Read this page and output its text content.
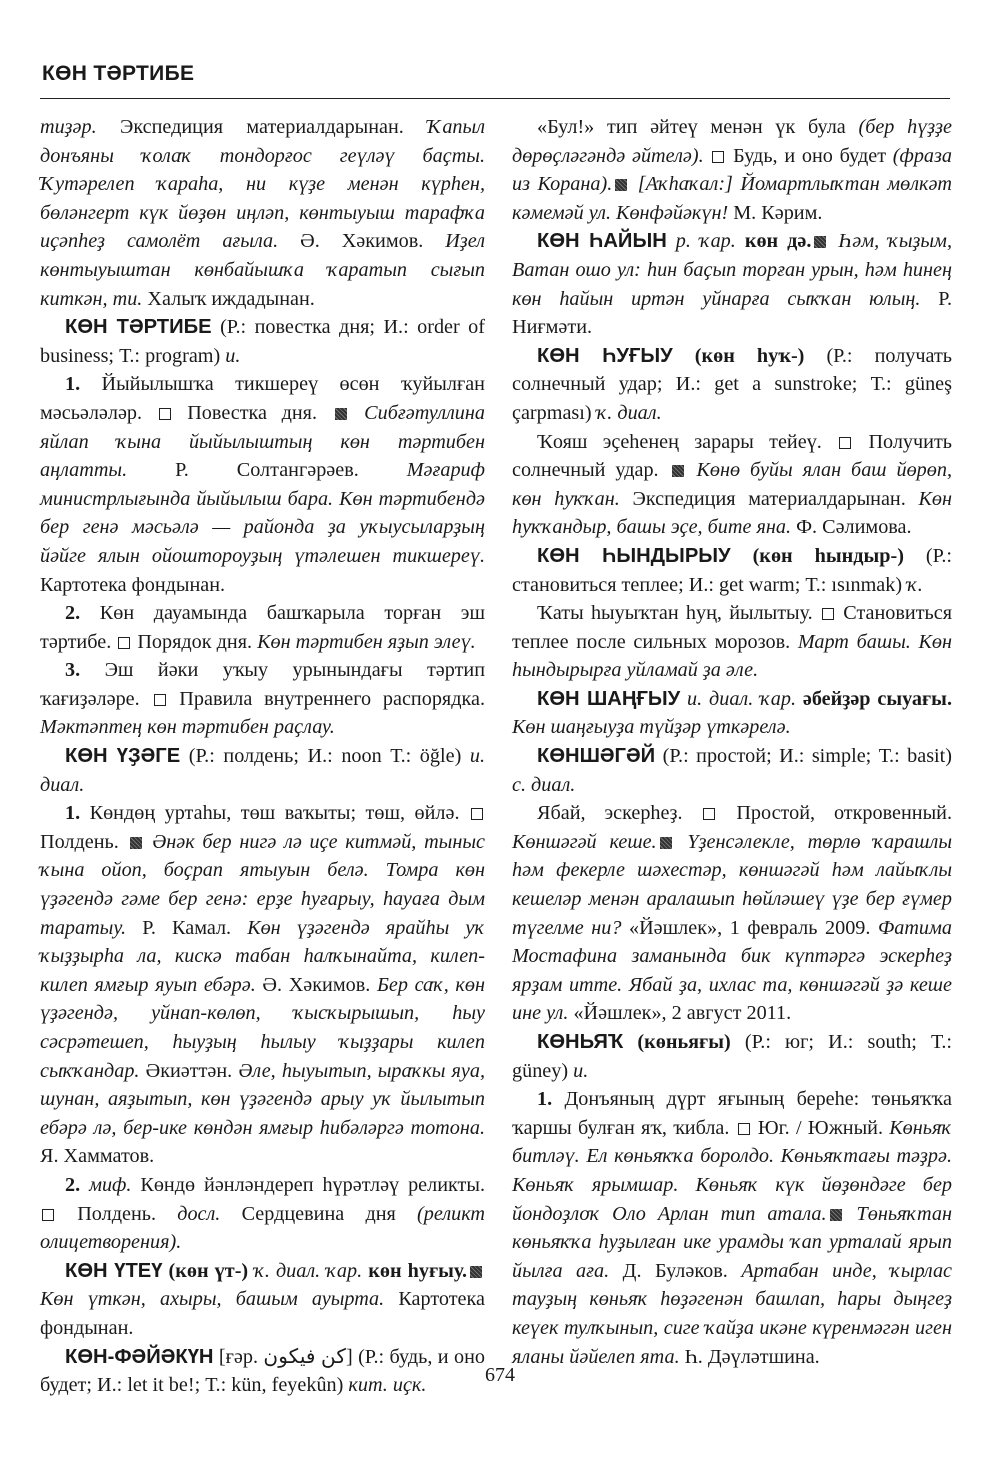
КӨН ТӘРТИБЕ

тиҙәр. Экспедиция материалдарынан. Ҡапыл донъяны ҡолаҡ тондорғос геүләү баҫты. Ҡутәрелеп ҡараһа, ни күҙе менән күрһен, бөләнгерт күк йөҙөн иңләп, көнтыуыш тарафҡа иҫәпһеҙ самолёт ағыла. Ә. Хәкимов. Иҙел көнтыуыштан көнбайышҡа ҡаратып сығып киткән, ти. Халыҡ иждадынан.

КӨН ТӘРТИБЕ (Р.: повестка дня; И.: order of business; Т.: program) и.

1. Йыйылышҡа тикшереү өсөн ҡуйылған мәсьәләләр.  Повестка дня.  Сибғәтуллина яйлап ҡына йыйылыштың көн тәртибен аңлатты. Р. Солтангәрәев. Мәғариф министрлығында йыйылыш бара. Көн тәртибендә бер генә мәсьәлә — районда ҙа уҡыусыларҙың йәйге ялын ойоштороуҙың үтәлешен тикшереү. Картотека фондынан.

2. Көн дауамында башҡарыла торған эш тәртибе.  Порядок дня. Көн тәртибен яҙып элеү.

3. Эш йәки уҡыу урынындағы тәртип ҡағиҙәләре.  Правила внутреннего распорядка. Мәктәптең көн тәртибен раҫлау.

КӨН ҮҘӘГЕ (Р.: полдень; И.: noon Т.: öğle) и. диал.

1. Көндөң уртаһы, төш ваҡыты; төш, өйлә.  Полдень.  Әнәк бер нигә лә иҫе китмәй, тыныс ҡына ойоп, боҫрап ятыуын белә. Томра көн үҙәгендә гәме бер генә: ерҙе һуғарыу, һауаға дым таратыу. Р. Камал. Көн үҙәгендә ярайһы уҡ ҡыҙҙырһа ла, кискә табан һалҡынайта, килеп-килеп ямғыр яуып ебәрә. Ә. Хәкимов. Бер саҡ, көн үҙәгендә, уйнап-көлөп, ҡысҡырышып, һыу сәсрәтешеп, һыуҙың һылыу ҡыҙҙары килеп сыҡҡандар. Әкиәттән. Әле, һыуытып, ыраҡкы яуа, шунан, аяҙытып, көн үҙәгендә арыу уҡ йылытып ебәрә лә, бер-ике көндән ямғыр һибәләргә тотона. Я. Хамматов.

2. миф. Көндө йәнләндереп һүрәтләү реликты.  Полдень. досл. Сердцевина дня (реликт олицетворения).

КӨН ҮТЕҮ (көн үт-) ҡ. диал. ҡар. көн һуғыу. Көн үткән, ахыры, башым ауырта. Картотека фондынан.

КӨН-ФӘЙӘКҮН [ғәр. كن فيكون] (Р.: будь, и оно будет; И.: let it be!; Т.: kün, feyekûn) кит. иҫк.

«Бул!» тип әйтеү менән үк була (бер һүҙҙе дөрөҫләгәндә әйтелә).  Будь, и оно будет (фраза из Корана). [Аҡһаҡал:] Йомартлыҡтан мөлкәт кәмемәй ул. Көнфәйәкүн! М. Кәрим.

КӨН ҺАЙЫН р. ҡар. көн дә. Һәм, ҡыҙым, Ватан ошо ул: һин баҫып торған урын, һәм һинең көн һайын иртән уйнарға сыҡҡан юлың. Р. Ниғмәти.

КӨН ҺУҒЫУ (көн һуҡ-) (Р.: получать солнечный удар; И.: get a sunstroke; Т.: güneş çarpması) ҡ. диал.

Ҡояш эҫеһенең зарары тейеү.  Получить солнечный удар.  Көнө буйы ялан баш йөрөп, көн һуҡҡан. Экспедиция материалдарынан. Көн һуҡҡандыр, башы эҫе, бите яна. Ф. Сәлимова.

КӨН ҺЫНДЫРЫУ (көн һындыр-) (Р.: становиться теплее; И.: get warm; Т.: ısınmak) ҡ.

Ҡаты һыуыҡтан һуң, йылытыу.  Становиться теплее после сильных морозов. Март башы. Көн һындырырға уйламай ҙа әле.

КӨН ШАҢҒЫУ и. диал. ҡар. әбейҙәр сыуағы. Көн шаңғыуҙа түйҙәр үткәрелә.

КӨНШӘГӘЙ (Р.: простой; И.: simple; Т.: basit) с. диал.

Ябай, эскерһеҙ.  Простой, откровенный. Көншәгәй кеше. Үҙенсәлекле, төрлө ҡарашлы һәм фекерле шәхестәр, көншәгәй һәм лайыҡлы кешеләр менән аралашып һөйләшеү үҙе бер ғүмер түгелме ни? «Йәшлек», 1 февраль 2009. Фатима Мостафина заманында бик күптәргә эскерһеҙ ярҙам итте. Ябай ҙа, ихлас та, көншәгәй ҙә кеше ине ул. «Йәшлек», 2 август 2011.

КӨНЬЯҠ (көньяғы) (Р.: юг; И.: south; Т.: güney) и.

1. Донъяның дүрт яғының береһе: төньяҡҡа ҡаршы булған яҡ, ҡибла.  Юг. / Южный. Көньяҡ битләү. Ел көньяҡҡа боролдо. Көньяҡтағы тәҙрә. Көньяҡ ярымшар. Көньяҡ күк йөҙөндәге бер йондоҙлоҡ Оло Арлан тип атала. Төньяҡтан көньяҡҡа һуҙылған ике урамды ҡап урталай ярып йылға аға. Д. Буләков. Артабан инде, ҡырлас тауҙың көньяҡ һөҙәгенән башлап, һары дыңгеҙ кеүек тулҡынып, сиге ҡайҙа икәне күренмәгән иген яланы йәйелеп ята. Һ. Дәүләтшина.

674
